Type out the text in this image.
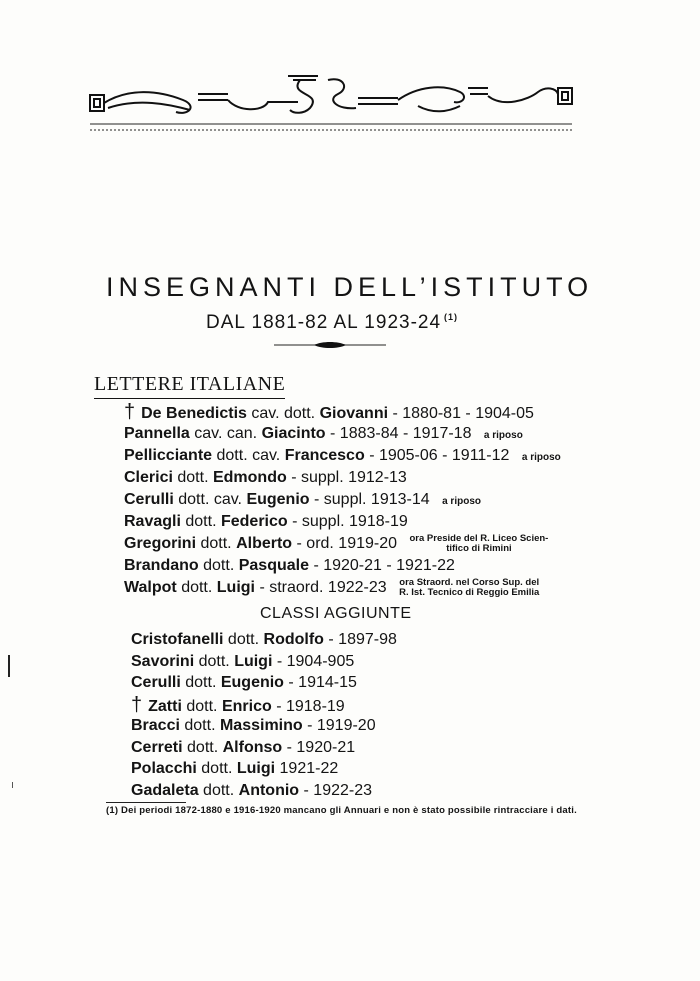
INSEGNANTI DELL’ISTITUTO
DAL 1881-82 AL 1923-24 $^{(1)}$
LETTERE ITALIANE
† De Benedictis cav. dott. Giovanni - 1880-81 - 1904-05
Pannella cav. can. Giacinto - 1883-84 - 1917-18 a riposo
Pellicciante dott. cav. Francesco - 1905-06 - 1911-12 a riposo
Clerici dott. Edmondo - suppl. 1912-13
Cerulli dott. cav. Eugenio - suppl. 1913-14 a riposo
Ravagli dott. Federico - suppl. 1918-19
Gregorini dott. Alberto - ord. 1919-20 ora Preside del R. Liceo Scien-
tifico di Rimini
Brandano dott. Pasquale - 1920-21 - 1921-22
Walpot dott. Luigi - straord. 1922-23 ora Straord. nel Corso Sup. del
R. Ist. Tecnico di Reggio Emilia
CLASSI AGGIUNTE
Cristofanelli dott. Rodolfo - 1897-98
Savorini dott. Luigi - 1904-905
Cerulli dott. Eugenio - 1914-15
† Zatti dott. Enrico - 1918-19
Bracci dott. Massimino - 1919-20
Cerreti dott. Alfonso - 1920-21
Polacchi dott. Luigi 1921-22
Gadaleta dott. Antonio - 1922-23
(1) Dei periodi 1872-1880 e 1916-1920 mancano gli Annuari e non è stato possibile rintracciare i dati.
